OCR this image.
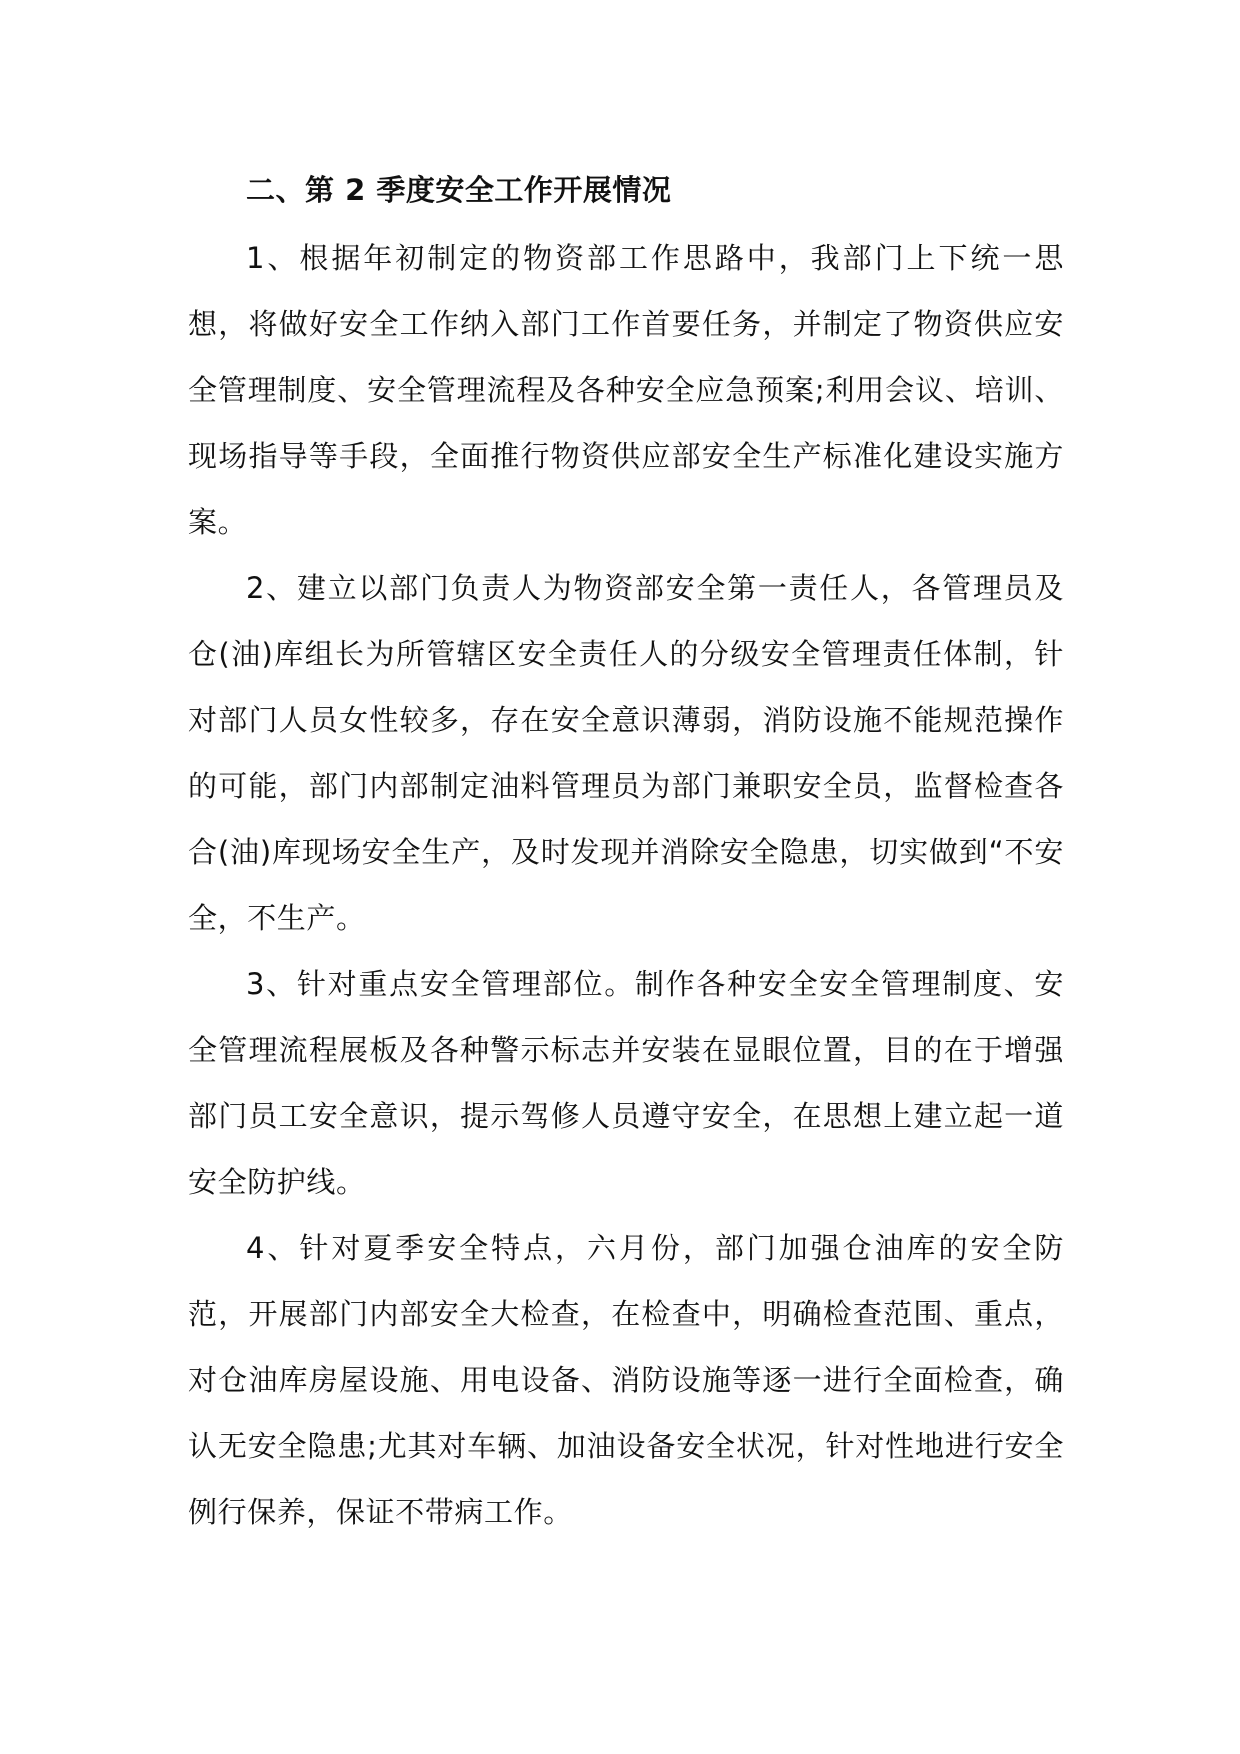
二、第 2 季度安全工作开展情况

1、根据年初制定的物资部工作思路中，我部门上下统一思想，将做好安全工作纳入部门工作首要任务，并制定了物资供应安全管理制度、安全管理流程及各种安全应急预案;利用会议、培训、现场指导等手段，全面推行物资供应部安全生产标准化建设实施方案。

2、建立以部门负责人为物资部安全第一责任人，各管理员及仓(油)库组长为所管辖区安全责任人的分级安全管理责任体制，针对部门人员女性较多，存在安全意识薄弱，消防设施不能规范操作的可能，部门内部制定油料管理员为部门兼职安全员，监督检查各合(油)库现场安全生产，及时发现并消除安全隐患，切实做到“不安全，不生产。

3、针对重点安全管理部位。制作各种安全安全管理制度、安全管理流程展板及各种警示标志并安装在显眼位置，目的在于增强部门员工安全意识，提示驾修人员遵守安全，在思想上建立起一道安全防护线。

4、针对夏季安全特点，六月份，部门加强仓油库的安全防范，开展部门内部安全大检查，在检查中，明确检查范围、重点，对仓油库房屋设施、用电设备、消防设施等逐一进行全面检查，确认无安全隐患;尤其对车辆、加油设备安全状况，针对性地进行安全例行保养，保证不带病工作。
